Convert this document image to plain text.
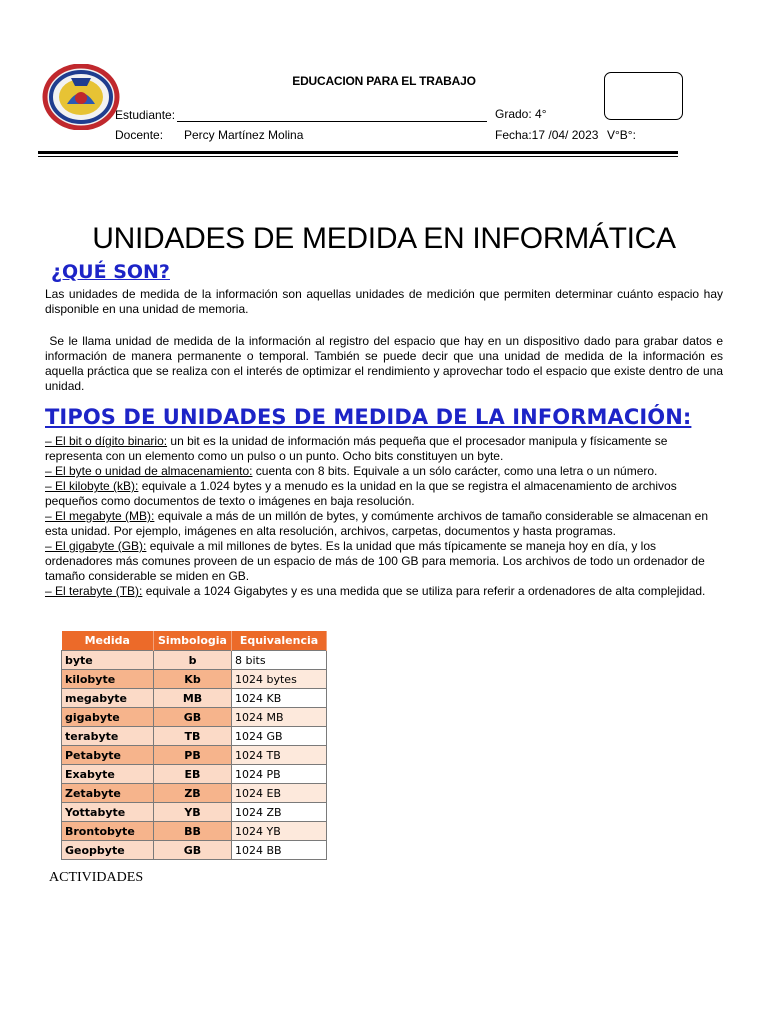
EDUCACION PARA EL TRABAJO
Estudiante:	Grado: 4°
Docente: Percy Martínez Molina	Fecha:17 /04/ 2023 V°B°:
UNIDADES DE MEDIDA EN INFORMÁTICA
¿QUÉ SON?
Las unidades de medida de la información son aquellas unidades de medición que permiten determinar cuánto espacio hay disponible en una unidad de memoria.
Se le llama unidad de medida de la información al registro del espacio que hay en un dispositivo dado para grabar datos e información de manera permanente o temporal. También se puede decir que una unidad de medida de la información es aquella práctica que se realiza con el interés de optimizar el rendimiento y aprovechar todo el espacio que existe dentro de una unidad.
TIPOS DE UNIDADES DE MEDIDA DE LA INFORMACIÓN:

– El bit o dígito binario: un bit es la unidad de información más pequeña que el procesador manipula y físicamente se representa con un elemento como un pulso o un punto. Ocho bits constituyen un byte.

– El byte o unidad de almacenamiento: cuenta con 8 bits. Equivale a un sólo carácter, como una letra o un número.

– El kilobyte (kB): equivale a 1.024 bytes y a menudo es la unidad en la que se registra el almacenamiento de archivos pequeños como documentos de texto o imágenes en baja resolución.

– El megabyte (MB): equivale a más de un millón de bytes, y comúmente archivos de tamaño considerable se almacenan en esta unidad. Por ejemplo, imágenes en alta resolución, archivos, carpetas, documentos y hasta programas.

– El gigabyte (GB): equivale a mil millones de bytes. Es la unidad que más típicamente se maneja hoy en día, y los ordenadores más comunes proveen de un espacio de más de 100 GB para memoria. Los archivos de todo un ordenador de tamaño considerable se miden en GB.

– El terabyte (TB): equivale a 1024 Gigabytes y es una medida que se utiliza para referir a ordenadores de alta complejidad.

Medida	Simbologia	Equivalencia
byte	b	8 bits
kilobyte	Kb	1024 bytes
megabyte	MB	1024 KB
gigabyte	GB	1024 MB
terabyte	TB	1024 GB
Petabyte	PB	1024 TB
Exabyte	EB	1024 PB
Zetabyte	ZB	1024 EB
Yottabyte	YB	1024 ZB
Brontobyte	BB	1024 YB
Geopbyte	GB	1024 BB
ACTIVIDADES
